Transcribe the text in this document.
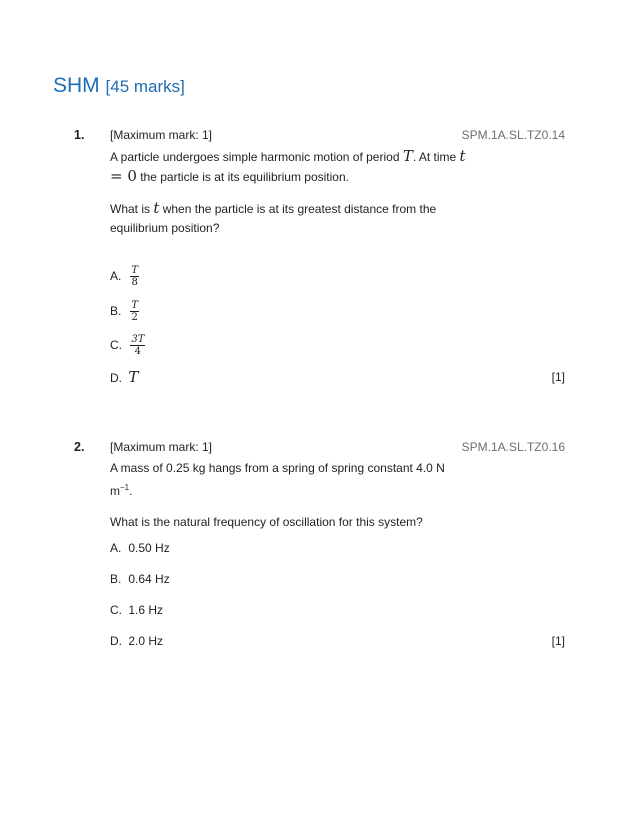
SHM [45 marks]
1. [Maximum mark: 1]	SPM.1A.SL.TZ0.14

A particle undergoes simple harmonic motion of period T. At time t = 0 the particle is at its equilibrium position.

What is t when the particle is at its greatest distance from the equilibrium position?

A. $\frac{T}{8}$
B. $\frac{T}{2}$
C. $\frac{3T}{4}$
D. T	[1]
2. [Maximum mark: 1]	SPM.1A.SL.TZ0.16

A mass of 0.25 kg hangs from a spring of spring constant 4.0 N $m^{-1}$.

What is the natural frequency of oscillation for this system?

A. 0.50 Hz
B. 0.64 Hz
C. 1.6 Hz
D. 2.0 Hz	[1]
